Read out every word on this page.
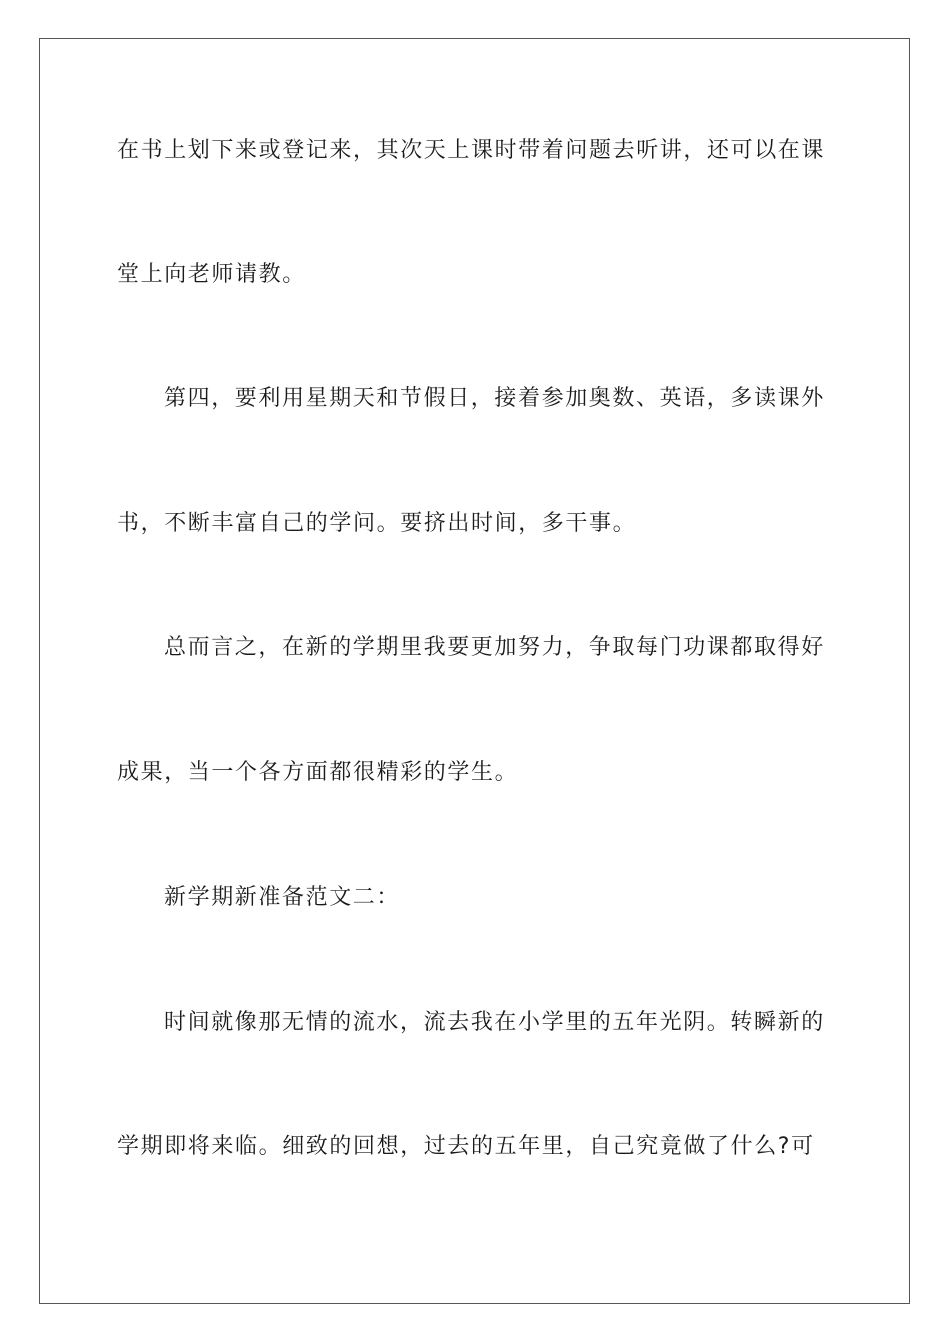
在书上划下来或登记来，其次天上课时带着问题去听讲，还可以在课
堂上向老师请教。
第四，要利用星期天和节假日，接着参加奥数、英语，多读课外
书，不断丰富自己的学问。要挤出时间，多干事。
总而言之，在新的学期里我要更加努力，争取每门功课都取得好
成果，当一个各方面都很精彩的学生。
新学期新准备范文二：
时间就像那无情的流水，流去我在小学里的五年光阴。转瞬新的
学期即将来临。细致的回想，过去的五年里，自己究竟做了什么?可
